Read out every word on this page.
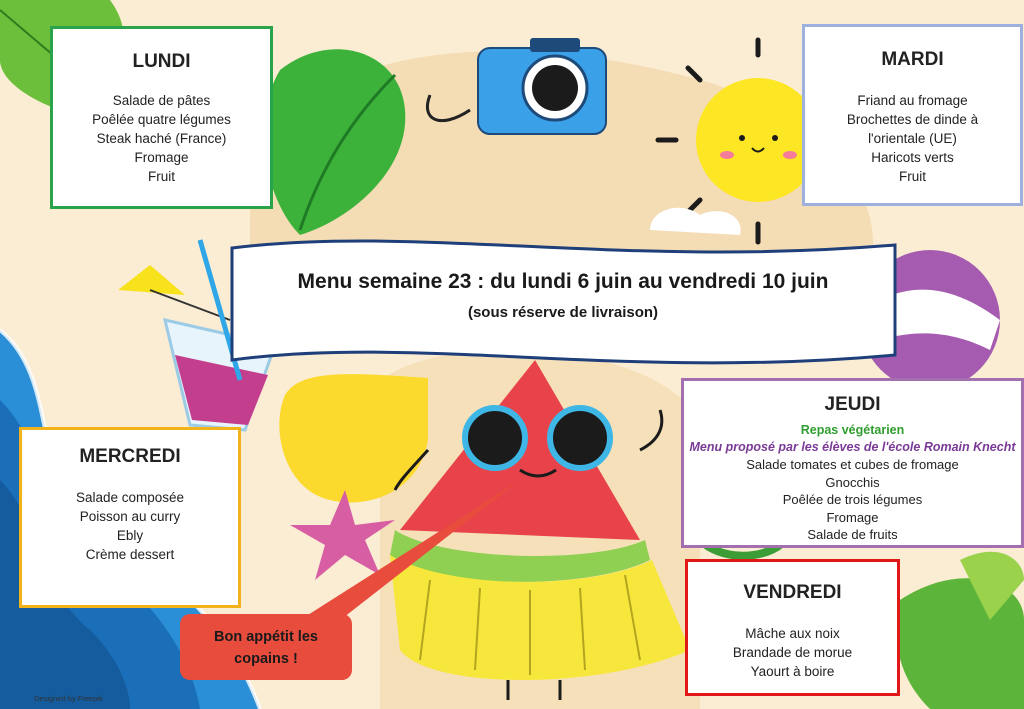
LUNDI
Salade de pâtes
Poêlée quatre légumes
Steak haché (France)
Fromage
Fruit
MARDI
Friand au fromage
Brochettes de dinde à
l'orientale (UE)
Haricots verts
Fruit
MERCREDI
Salade composée
Poisson au curry
Ebly
Crème dessert
JEUDI
Repas végétarien
Menu proposé par les élèves de l'école Romain Knecht
Salade tomates et cubes de fromage
Gnocchis
Poêlée de trois légumes
Fromage
Salade de fruits
VENDREDI
Mâche aux noix
Brandade de morue
Yaourt à boire
Menu semaine 23 : du lundi 6 juin au vendredi 10 juin
(sous réserve de livraison)
Bon appétit les
copains !
Designed by Freepik
